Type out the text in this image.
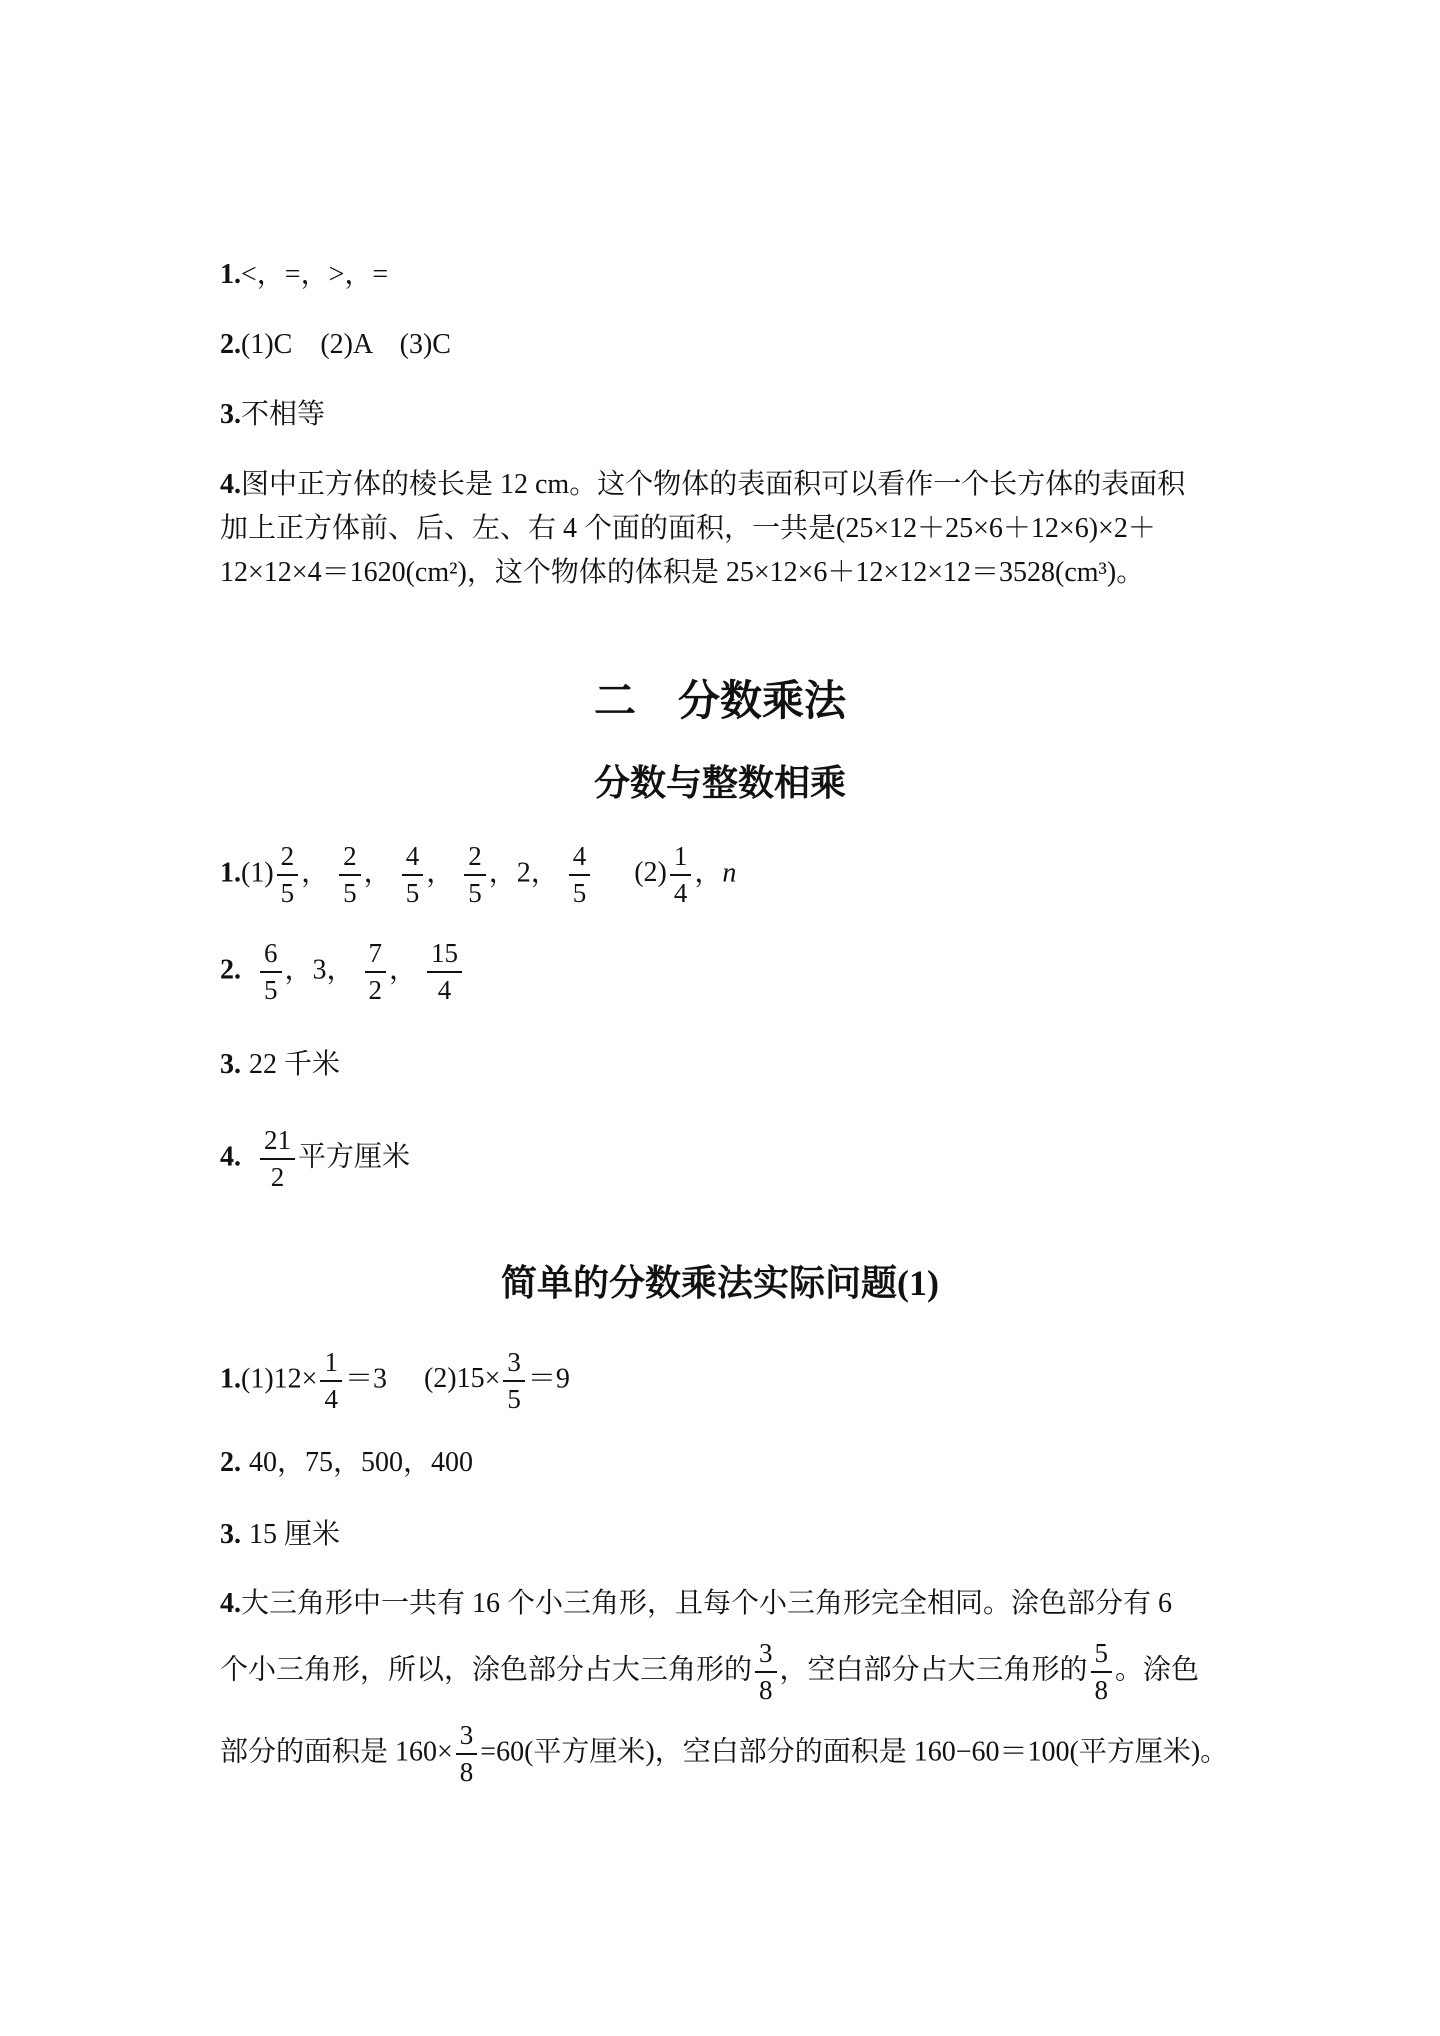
1.<，=，>，=
2.(1)C　(2)A　(3)C
3.不相等
4.图中正方体的棱长是 12 cm。这个物体的表面积可以看作一个长方体的表面积
加上正方体前、后、左、右 4 个面的面积，一共是(25×12＋25×6＋12×6)×2＋
12×12×4＝1620(cm²)，这个物体的体积是 25×12×6＋12×12×12＝3528(cm³)。
二　分数乘法
分数与整数相乘
$1.(1) \frac{2}{5}$ ， $\frac{2}{5}$ ， $\frac{4}{5}$ ， $\frac{2}{5}$ ，2， $\frac{4}{5} (2) \frac{1}{4}$ ，n
2. $\frac{6}{5}$ ，3， $\frac{7}{2}$ ， $\frac{15}{4}$
3. 22 千米
4. $\frac{21}{2}$ 平方厘米
简单的分数乘法实际问题(1)
$1.(1)12\times \frac{1}{4} =3$ $(2)15\times \frac{3}{5} =9$
2. 40，75，500，400
3. 15 厘米
4.大三角形中一共有 16 个小三角形，且每个小三角形完全相同。涂色部分有 6
个小三角形，所以，涂色部分占大三角形的 $\frac{3}{8}$ ，空白部分占大三角形的 $\frac{5}{8}$ 。涂色
部分的面积是 $160\times \frac{3}{8} =60$(平方厘米)，空白部分的面积是 160−60＝100(平方厘米)。
